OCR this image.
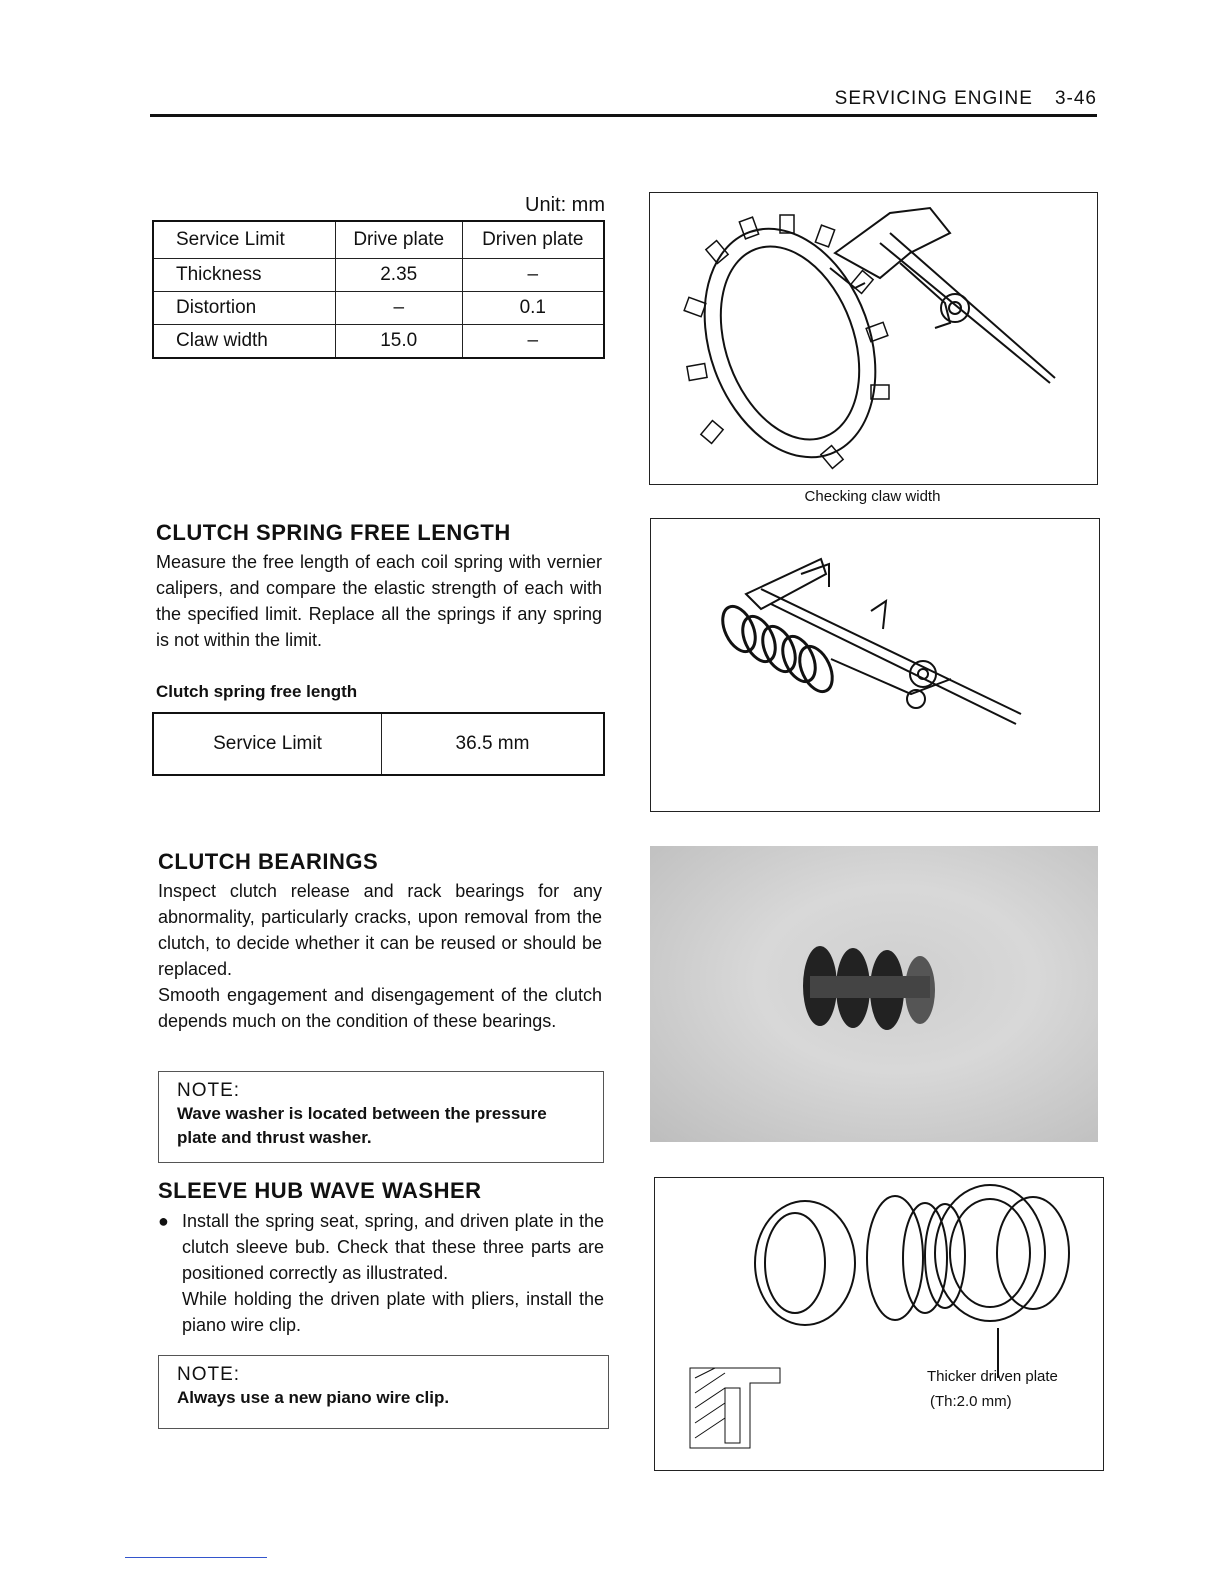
SERVICING ENGINE 3-46
Unit: mm
Service Limit	Drive plate	Driven plate
Thickness	2.35	–
Distortion	–	0.1
Claw width	15.0	–
Checking claw width
CLUTCH SPRING FREE LENGTH
Measure the free length of each coil spring with vernier calipers, and compare the elastic strength of each with the specified limit. Replace all the springs if any spring is not within the limit.
Clutch spring free length
Service Limit	36.5 mm
CLUTCH BEARINGS
Inspect clutch release and rack bearings for any abnormality, particularly cracks, upon removal from the clutch, to decide whether it can be reused or should be replaced.
Smooth engagement and disengagement of the clutch depends much on the condition of these bearings.
NOTE:
Wave washer is located between the pressure plate and thrust washer.
SLEEVE HUB WAVE WASHER
● Install the spring seat, spring, and driven plate in the clutch sleeve bub. Check that these three parts are positioned correctly as illustrated.
While holding the driven plate with pliers, install the piano wire clip.
NOTE:
Always use a new piano wire clip.
Thicker driven plate
(Th:2.0 mm)
